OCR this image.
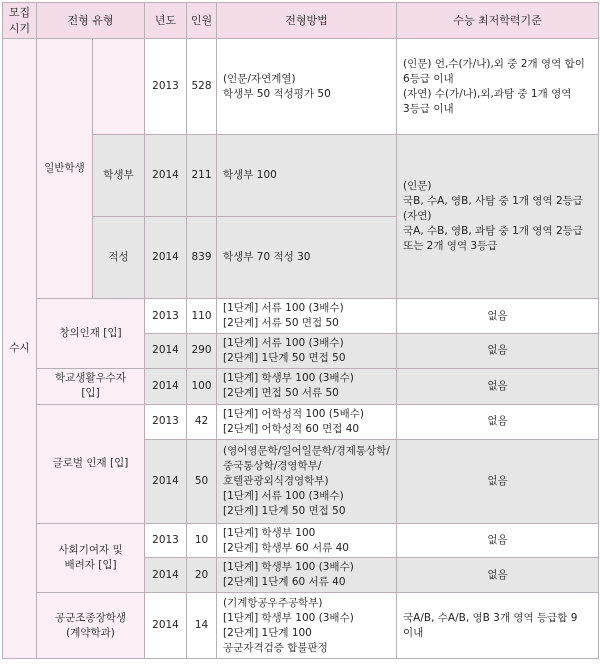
모집
시기	전형 유형		년도	인원	전형방법	수능 최저학력기준
수시	일반학생		2013	528	(인문/자연계열)
학생부 50 적성평가 50	(인문) 언,수(가/나),외 중 2개 영역 합이 6등급 이내
(자연) 수(가/나),외,과탐 중 1개 영역 3등급 이내
		학생부	2014	211	학생부 100	(인문)
국B, 수A, 영B, 사탐 중 1개 영역 2등급
(자연)
국A, 수B, 영B, 과탐 중 1개 영역 2등급 또는 2개 영역 3등급
		적성	2014	839	학생부 70 적성 30	
	창의인재 [입]		2013	110	[1단계] 서류 100 (3배수)
[2단계] 서류 50 면접 50	없음
			2014	290	[1단계] 서류 100 (3배수)
[2단계] 1단계 50 면접 50	없음
	학교생활우수자
[입]		2014	100	[1단계] 학생부 100 (3배수)
[2단계] 면접 50 서류 50	없음
	글로벌 인재 [입]		2013	42	[1단계] 어학성적 100 (5배수)
[2단계] 어학성적 60 면접 40	없음
			2014	50	(영어영문학/일어일문학/경제통상학/중국통상학/경영학부/호텔관광외식경영학부)
[1단계] 서류 100 (3배수)
[2단계] 1단계 50 면접 50	없음
	사회기여자 및
배려자 [입]		2013	10	[1단계] 학생부 100
[2단계] 학생부 60 서류 40	없음
			2014	20	[1단계] 학생부 100 (3배수)
[2단계] 1단계 60 서류 40	없음
	공군조종장학생
(계약학과)		2014	14	(기계항공우주공학부)
[1단계] 학생부 100 (3배수)
[2단계] 1단계 100
공군자격검증 합불판정	국A/B, 수A/B, 영B 3개 영역 등급합 9 이내
